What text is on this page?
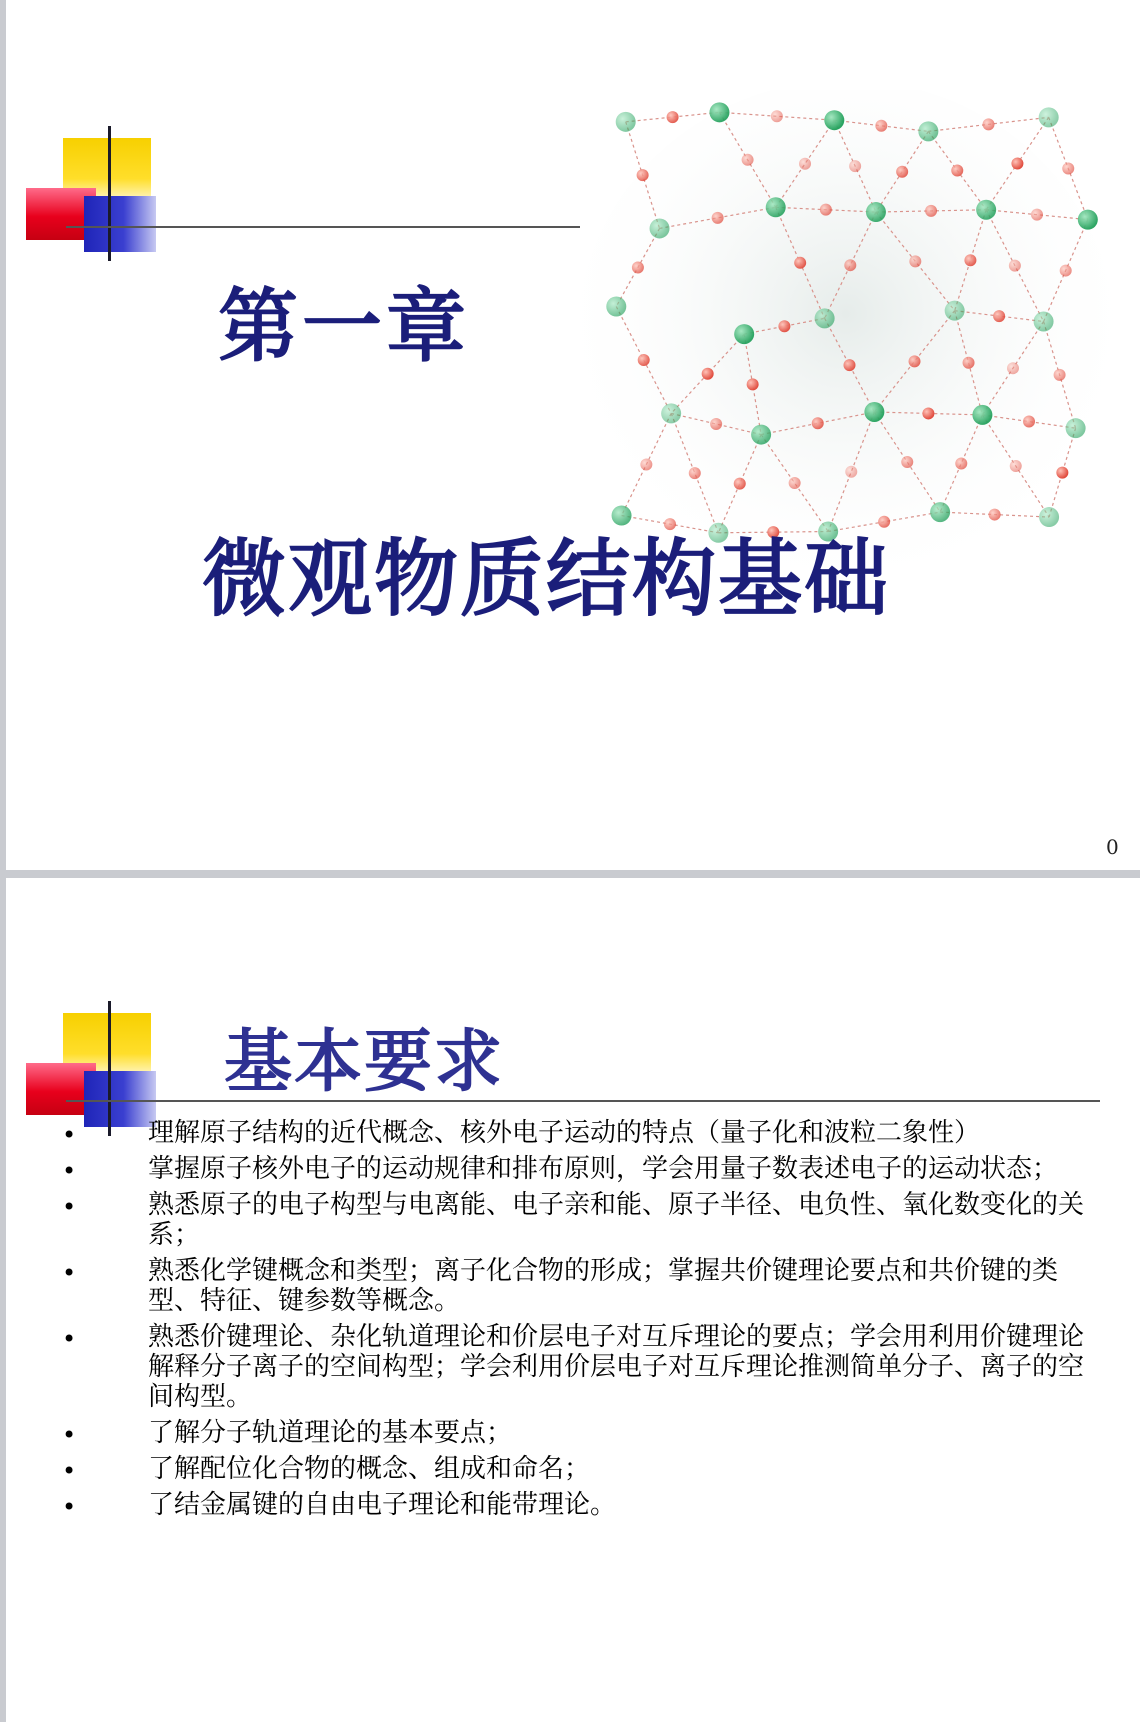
第一章
微观物质结构基础
0
基本要求
•	理解原子结构的近代概念、核外电子运动的特点（量子化和波粒二象性）
•	掌握原子核外电子的运动规律和排布原则，学会用量子数表述电子的运动状态；
•	熟悉原子的电子构型与电离能、电子亲和能、原子半径、电负性、氧化数变化的关系；
•	熟悉化学键概念和类型；离子化合物的形成；掌握共价键理论要点和共价键的类型、特征、键参数等概念。
•	熟悉价键理论、杂化轨道理论和价层电子对互斥理论的要点；学会用利用价键理论解释分子离子的空间构型；学会利用价层电子对互斥理论推测简单分子、离子的空间构型。
•	了解分子轨道理论的基本要点；
•	了解配位化合物的概念、组成和命名；
•	了结金属键的自由电子理论和能带理论。
